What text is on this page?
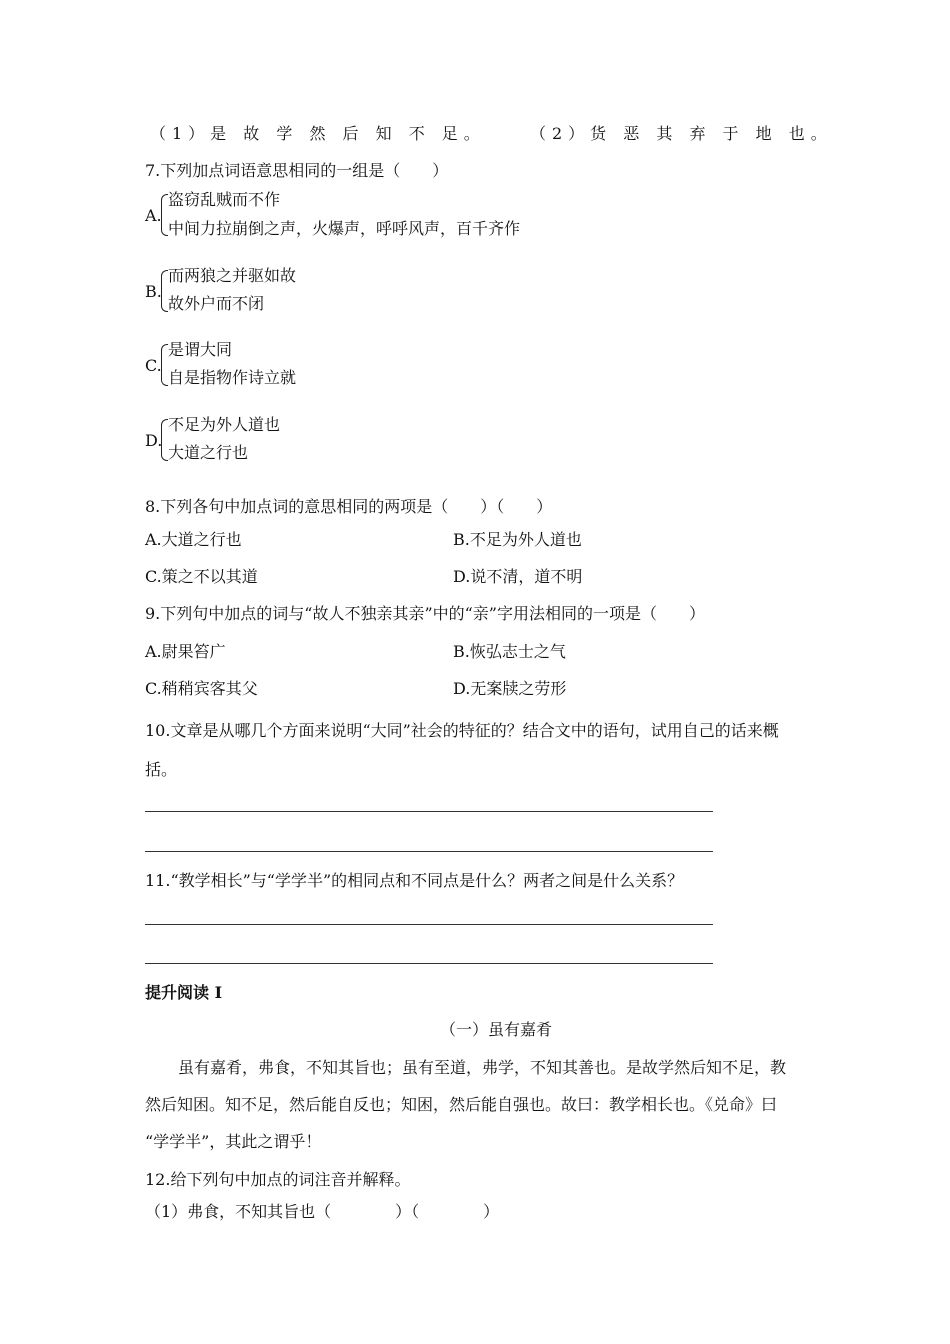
（1）是 故 学 然 后 知 不 足。	（2）货 恶 其 弃 于 地 也。
7.下列加点词语意思相同的一组是（　　）
A.
盗窃乱贼而不作
中间力拉崩倒之声，火爆声，呼呼风声，百千齐作
B.
而两狼之并驱如故
故外户而不闭
C.
是谓大同
自是指物作诗立就
D.
不足为外人道也
大道之行也
8.下列各句中加点词的意思相同的两项是（　　）（　　）
A.大道之行也	B.不足为外人道也
C.策之不以其道	D.说不清，道不明
9.下列句中加点的词与“故人不独亲其亲”中的“亲”字用法相同的一项是（　　）
A.尉果笞广	B.恢弘志士之气
C.稍稍宾客其父	D.无案牍之劳形
10.文章是从哪几个方面来说明“大同”社会的特征的？结合文中的语句，试用自己的话来概
括。
11.“教学相长”与“学学半”的相同点和不同点是什么？两者之间是什么关系？
提升阅读 I
（一）虽有嘉肴
虽有嘉肴，弗食，不知其旨也；虽有至道，弗学，不知其善也。是故学然后知不足，教
然后知困。知不足，然后能自反也；知困，然后能自强也。故曰：教学相长也。《兑命》曰
“学学半”，其此之谓乎！
12.给下列句中加点的词注音并解释。
（1）弗食，不知其旨也（　　　　）（　　　　）
